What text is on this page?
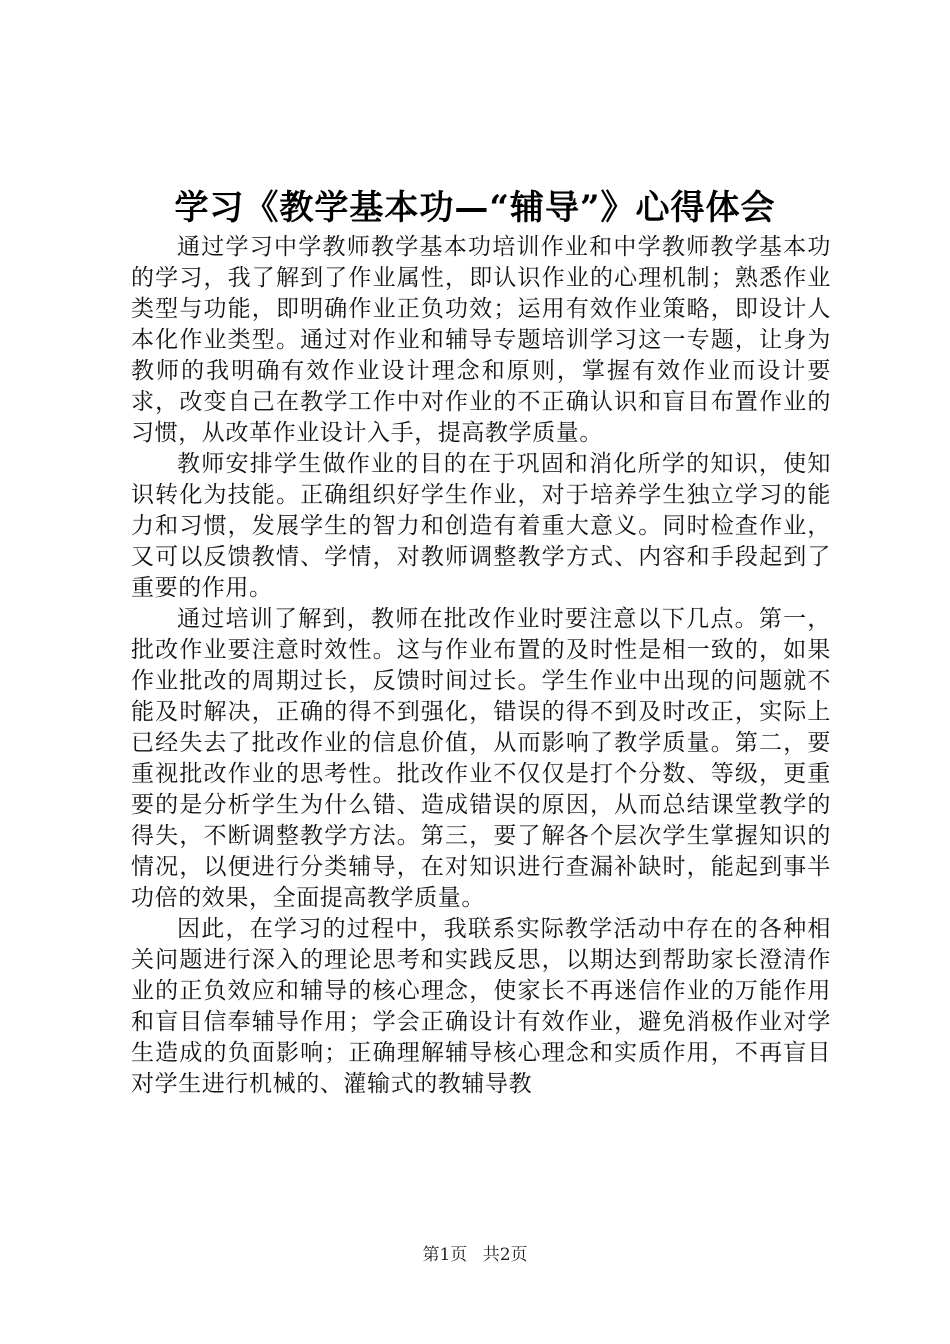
学习《教学基本功—“辅导”》心得体会

通过学习中学教师教学基本功培训作业和中学教师教学基本功的学习，我了解到了作业属性，即认识作业的心理机制；熟悉作业类型与功能，即明确作业正负功效；运用有效作业策略，即设计人本化作业类型。通过对作业和辅导专题培训学习这一专题，让身为教师的我明确有效作业设计理念和原则，掌握有效作业而设计要求，改变自己在教学工作中对作业的不正确认识和盲目布置作业的习惯，从改革作业设计入手，提高教学质量。

教师安排学生做作业的目的在于巩固和消化所学的知识，使知识转化为技能。正确组织好学生作业，对于培养学生独立学习的能力和习惯，发展学生的智力和创造有着重大意义。同时检查作业，又可以反馈教情、学情，对教师调整教学方式、内容和手段起到了重要的作用。

通过培训了解到，教师在批改作业时要注意以下几点。第一，批改作业要注意时效性。这与作业布置的及时性是相一致的，如果作业批改的周期过长，反馈时间过长。学生作业中出现的问题就不能及时解决，正确的得不到强化，错误的得不到及时改正，实际上已经失去了批改作业的信息价值，从而影响了教学质量。第二，要重视批改作业的思考性。批改作业不仅仅是打个分数、等级，更重要的是分析学生为什么错、造成错误的原因，从而总结课堂教学的得失，不断调整教学方法。第三，要了解各个层次学生掌握知识的情况，以便进行分类辅导，在对知识进行查漏补缺时，能起到事半功倍的效果，全面提高教学质量。

因此，在学习的过程中，我联系实际教学活动中存在的各种相关问题进行深入的理论思考和实践反思，以期达到帮助家长澄清作业的正负效应和辅导的核心理念，使家长不再迷信作业的万能作用和盲目信奉辅导作用；学会正确设计有效作业，避免消极作业对学生造成的负面影响；正确理解辅导核心理念和实质作用，不再盲目对学生进行机械的、灌输式的教辅导教

第1页 共2页
